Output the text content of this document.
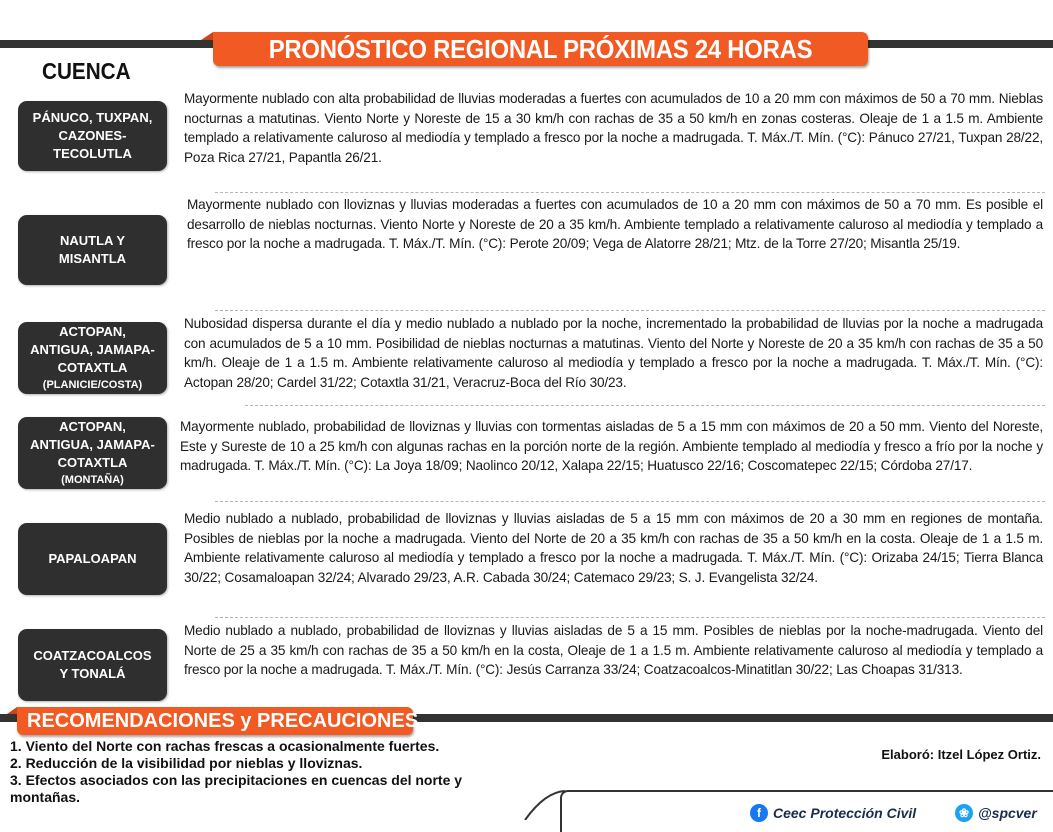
PRONÓSTICO REGIONAL PRÓXIMAS 24 HORAS
CUENCA
PÁNUCO, TUXPAN,
CAZONES-
TECOLUTLA
Mayormente nublado con alta probabilidad de lluvias moderadas a fuertes con acumulados de 10 a 20 mm con máximos de 50 a 70 mm. Nieblas nocturnas a matutinas. Viento Norte y Noreste de 15 a 30 km/h con rachas de 35 a 50 km/h en zonas costeras. Oleaje de 1 a 1.5 m. Ambiente templado a relativamente caluroso al mediodía y templado a fresco por la noche a madrugada. T. Máx./T. Mín. (°C): Pánuco 27/21, Tuxpan 28/22, Poza Rica 27/21, Papantla 26/21.
NAUTLA Y
MISANTLA
Mayormente nublado con lloviznas y lluvias moderadas a fuertes con acumulados de 10 a 20 mm con máximos de 50 a 70 mm. Es posible el desarrollo de nieblas nocturnas. Viento Norte y Noreste de 20 a 35 km/h. Ambiente templado a relativamente caluroso al mediodía y templado a fresco por la noche a madrugada. T. Máx./T. Mín. (°C): Perote 20/09; Vega de Alatorre 28/21; Mtz. de la Torre 27/20; Misantla 25/19.
ACTOPAN,
ANTIGUA, JAMAPA-
COTAXTLA
(PLANICIE/COSTA)
Nubosidad dispersa durante el día y medio nublado a nublado por la noche, incrementado la probabilidad de lluvias por la noche a madrugada con acumulados de 5 a 10 mm. Posibilidad de nieblas nocturnas a matutinas. Viento del Norte y Noreste de 20 a 35 km/h con rachas de 35 a 50 km/h. Oleaje de 1 a 1.5 m. Ambiente relativamente caluroso al mediodía y templado a fresco por la noche a madrugada. T. Máx./T. Mín. (°C): Actopan 28/20; Cardel 31/22; Cotaxtla 31/21, Veracruz-Boca del Río 30/23.
ACTOPAN,
ANTIGUA, JAMAPA-
COTAXTLA
(MONTAÑA)
Mayormente nublado, probabilidad de lloviznas y lluvias con tormentas aisladas de 5 a 15 mm con máximos de 20 a 50 mm. Viento del Noreste, Este y Sureste de 10 a 25 km/h con algunas rachas en la porción norte de la región. Ambiente templado al mediodía y fresco a frío por la noche y madrugada. T. Máx./T. Mín. (°C): La Joya 18/09; Naolinco 20/12, Xalapa 22/15; Huatusco 22/16; Coscomatepec 22/15; Córdoba 27/17.
PAPALOAPAN
Medio nublado a nublado, probabilidad de lloviznas y lluvias aisladas de 5 a 15 mm con máximos de 20 a 30 mm en regiones de montaña. Posibles de nieblas por la noche a madrugada. Viento del Norte de 20 a 35 km/h con rachas de 35 a 50 km/h en la costa. Oleaje de 1 a 1.5 m. Ambiente relativamente caluroso al mediodía y templado a fresco por la noche a madrugada. T. Máx./T. Mín. (°C): Orizaba 24/15; Tierra Blanca 30/22; Cosamaloapan 32/24; Alvarado 29/23, A.R. Cabada 30/24; Catemaco 29/23; S. J. Evangelista 32/24.
COATZACOALCOS
Y TONALÁ
Medio nublado a nublado, probabilidad de lloviznas y lluvias aisladas de 5 a 15 mm. Posibles de nieblas por la noche-madrugada. Viento del Norte de 25 a 35 km/h con rachas de 35 a 50 km/h en la costa, Oleaje de 1 a 1.5 m. Ambiente relativamente caluroso al mediodía y templado a fresco por la noche a madrugada. T. Máx./T. Mín. (°C): Jesús Carranza 33/24; Coatzacoalcos-Minatitlan 30/22; Las Choapas 31/313.
RECOMENDACIONES y PRECAUCIONES
1. Viento del Norte con rachas frescas a ocasionalmente fuertes.
2. Reducción de la visibilidad por nieblas y lloviznas.
3. Efectos asociados con las precipitaciones en cuencas del norte y montañas.
Elaboró: Itzel López Ortiz.
f Ceec Protección Civil	❀ @spcver
